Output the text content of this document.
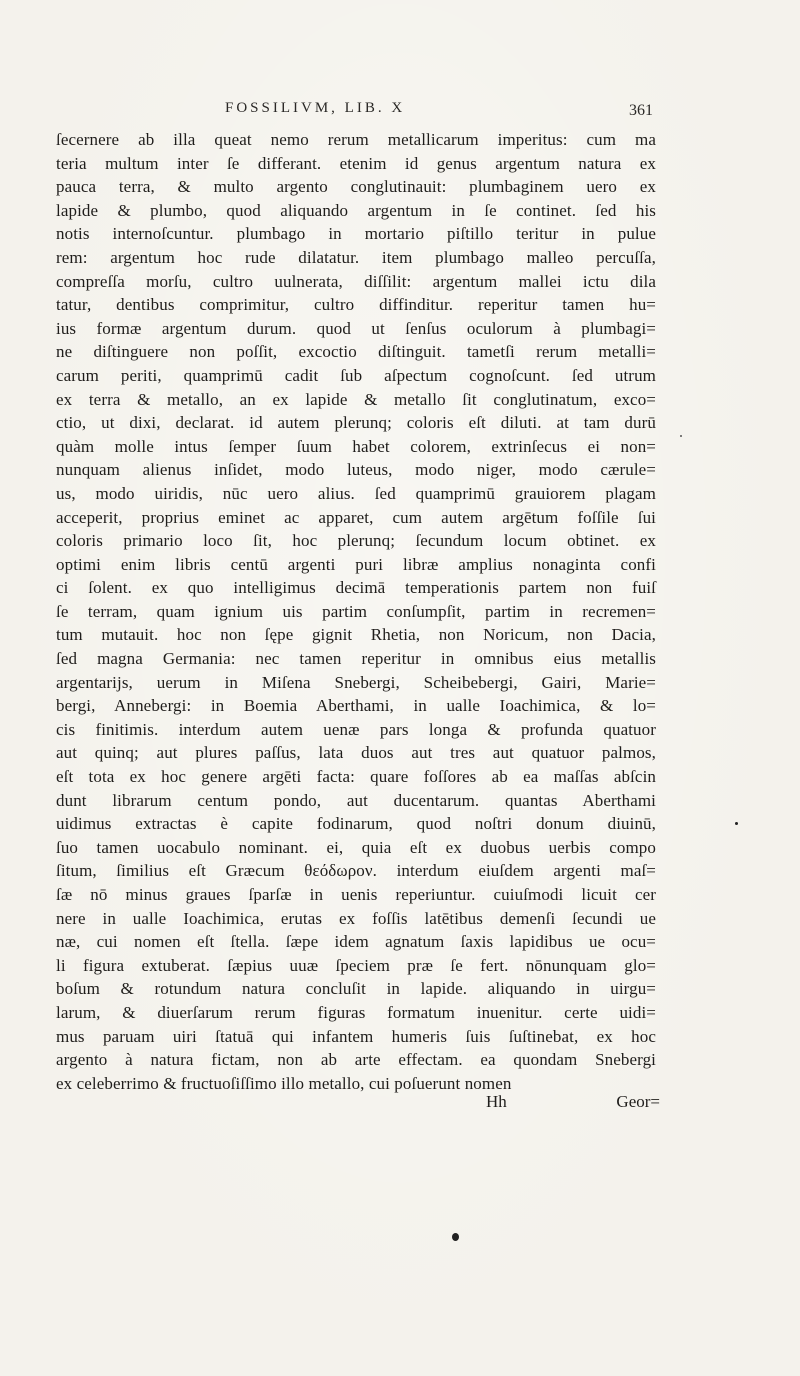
FOSSILIVM, LIB. X	361
ſecernere ab illa queat nemo rerum metallicarum imperitus: cum ma
teria multum inter ſe differant. etenim id genus argentum natura ex
pauca terra, & multo argento conglutinauit: plumbaginem uero ex
lapide & plumbo, quod aliquando argentum in ſe continet. ſed his
notis internoſcuntur. plumbago in mortario piſtillo teritur in pulue
rem: argentum hoc rude dilatatur. item plumbago malleo percuſſa,
compreſſa morſu, cultro uulnerata, diſſilit: argentum mallei ictu dila
tatur, dentibus comprimitur, cultro diffinditur. reperitur tamen hu=
ius formæ argentum durum. quod ut ſenſus oculorum à plumbagi=
ne diſtinguere non poſſit, excoctio diſtinguit. tametſi rerum metalli=
carum periti, quamprimū cadit ſub aſpectum cognoſcunt. ſed utrum
ex terra & metallo, an ex lapide & metallo ſit conglutinatum, exco=
ctio, ut dixi, declarat. id autem plerunq; coloris eſt diluti. at tam durū
quàm molle intus ſemper ſuum habet colorem, extrinſecus ei non=
nunquam alienus inſidet, modo luteus, modo niger, modo cærule=
us, modo uiridis, nūc uero alius. ſed quamprimū grauiorem plagam
acceperit, proprius eminet ac apparet, cum autem argētum foſſile ſui
coloris primario loco ſit, hoc plerunq; ſecundum locum obtinet. ex
optimi enim libris centū argenti puri libræ amplius nonaginta confi
ci ſolent. ex quo intelligimus decimā temperationis partem non fuiſ
ſe terram, quam ignium uis partim conſumpſit, partim in recremen=
tum mutauit. hoc non ſępe gignit Rhetia, non Noricum, non Dacia,
ſed magna Germania: nec tamen reperitur in omnibus eius metallis
argentarijs, uerum in Miſena Snebergi, Scheibebergi, Gairi, Marie=
bergi, Annebergi: in Boemia Aberthami, in ualle Ioachimica, & lo=
cis finitimis. interdum autem uenæ pars longa & profunda quatuor
aut quinq; aut plures paſſus, lata duos aut tres aut quatuor palmos,
eſt tota ex hoc genere argēti facta: quare foſſores ab ea maſſas abſcin
dunt librarum centum pondo, aut ducentarum. quantas Aberthami
uidimus extractas è capite fodinarum, quod noſtri donum diuinū,
ſuo tamen uocabulo nominant. ei, quia eſt ex duobus uerbis compo
ſitum, ſimilius eſt Græcum θεόδωρον. interdum eiuſdem argenti maſ=
ſæ nō minus graues ſparſæ in uenis reperiuntur. cuiuſmodi licuit cer
nere in ualle Ioachimica, erutas ex foſſis latētibus demenſi ſecundi ue
næ, cui nomen eſt ſtella. ſæpe idem agnatum ſaxis lapidibus ue ocu=
li figura extuberat. ſæpius uuæ ſpeciem præ ſe fert. nōnunquam glo=
boſum & rotundum natura concluſit in lapide. aliquando in uirgu=
larum, & diuerſarum rerum figuras formatum inuenitur. certe uidi=
mus paruam uiri ſtatuā qui infantem humeris ſuis ſuſtinebat, ex hoc
argento à natura fictam, non ab arte effectam. ea quondam Snebergi
ex celeberrimo & fructuoſiſſimo illo metallo, cui poſuerunt nomen
Hh	Geor=
